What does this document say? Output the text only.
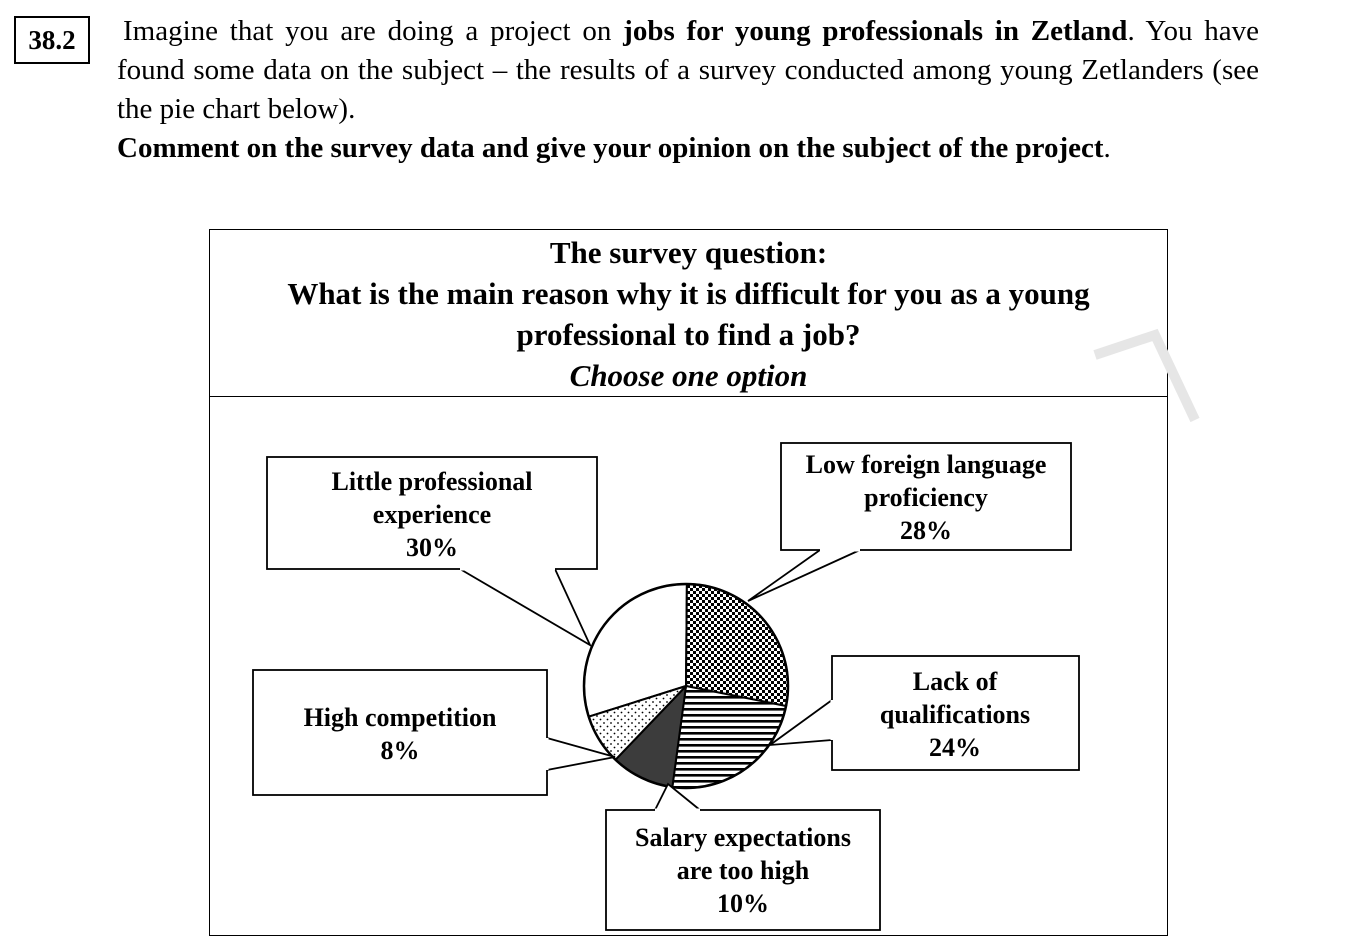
38.2	Imagine that you are doing a project on jobs for young professionals in Zetland. You have found some data on the subject – the results of a survey conducted among young Zetlanders (see the pie chart below).

Comment on the survey data and give your opinion on the subject of the project.

The survey question:
What is the main reason why it is difficult for you as a young
professional to find a job?
Choose one option
Little professional
experience
30%
Low foreign language
proficiency
28%
Lack of
qualifications
24%
Salary expectations
are too high
10%
High competition
8%
